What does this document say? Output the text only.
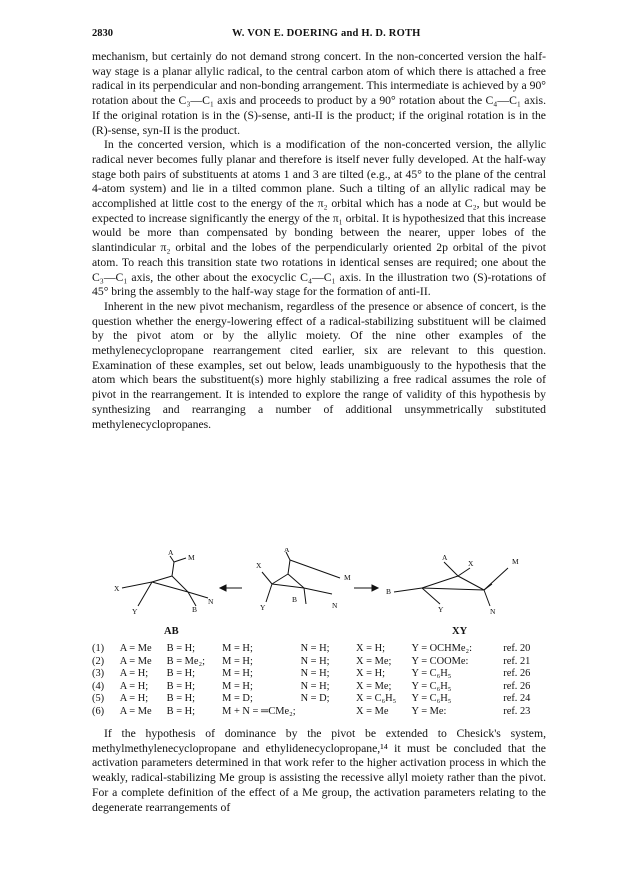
2830	W. VON E. DOERING and H. D. ROTH

mechanism, but certainly do not demand strong concert. In the non-concerted version the half-way stage is a planar allylic radical, to the central carbon atom of which there is attached a free radical in its perpendicular and non-bonding arrangement. This intermediate is achieved by a 90° rotation about the C₃—C₁ axis and proceeds to product by a 90° rotation about the C₄—C₁ axis. If the original rotation is in the (S)-sense, anti-II is the product; if the original rotation is in the (R)-sense, syn-II is the product.

In the concerted version, which is a modification of the non-concerted version, the allylic radical never becomes fully planar and therefore is itself never fully developed. At the half-way stage both pairs of substituents at atoms 1 and 3 are tilted (e.g., at 45° to the plane of the central 4-atom system) and lie in a tilted common plane. Such a tilting of an allylic radical may be accomplished at little cost to the energy of the π₂ orbital which has a node at C₂, but would be expected to increase significantly the energy of the π₁ orbital. It is hypothesized that this increase would be more than compensated by bonding between the nearer, upper lobes of the slantindicular π₂ orbital and the lobes of the perpendicularly oriented 2p orbital of the pivot atom. To reach this transition state two rotations in identical senses are required; one about the C₃—C₁ axis, the other about the exocyclic C₄—C₁ axis. In the illustration two (S)-rotations of 45° bring the assembly to the half-way stage for the formation of anti-II.

Inherent in the new pivot mechanism, regardless of the presence or absence of concert, is the question whether the energy-lowering effect of a radical-stabilizing substituent will be claimed by the pivot atom or by the allylic moiety. Of the nine other examples of the methylenecyclopropane rearrangement cited earlier, six are relevant to this question. Examination of these examples, set out below, leads unambiguously to the hypothesis that the atom which bears the substituent(s) more highly stabilizing a free radical assumes the role of pivot in the rearrangement. It is intended to explore the range of validity of this hypothesis by synthesizing and rearranging a number of additional unsymmetrically substituted methylenecyclopropanes.

A
M
X
B
N
Y
A
M
X
B
N
Y
A	M
X
B
N
Y
AB	XY
(1)	A = Me	B = H;	M = H;	N = H;	X = H;	Y = OCHMe₂:	ref. 20
(2)	A = Me	B = Me₂;	M = H;	N = H;	X = Me;	Y = COOMe:	ref. 21
(3)	A = H;	B = H;	M = H;	N = H;	X = H;	Y = C₆H₅	ref. 26
(4)	A = H;	B = H;	M = H;	N = H;	X = Me;	Y = C₆H₅	ref. 26
(5)	A = H;	B = H;	M = D;	N = D;	X = C₆H₅	Y = C₆H₅	ref. 24
(6)	A = Me	B = H;	M + N = ═CMe₂;		X = Me	Y = Me:	ref. 23

If the hypothesis of dominance by the pivot be extended to Chesick's system, methylmethylenecyclopropane and ethylidenecyclopropane,¹⁴ it must be concluded that the activation parameters determined in that work refer to the higher activation process in which the weakly, radical-stabilizing Me group is assisting the recessive allyl moiety rather than the pivot. For a complete definition of the effect of a Me group, the activation parameters relating to the degenerate rearrangements of
